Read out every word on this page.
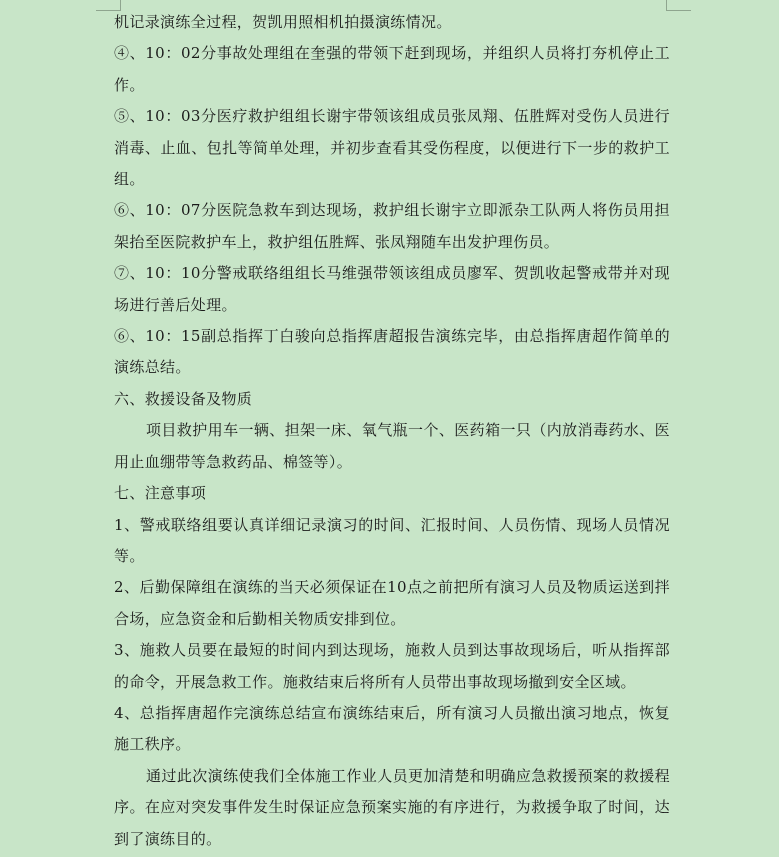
机记录演练全过程，贺凯用照相机拍摄演练情况。

④、10：02分事故处理组在奎强的带领下赶到现场，并组织人员将打夯机停止工作。

⑤、10：03分医疗救护组组长谢宇带领该组成员张凤翔、伍胜辉对受伤人员进行消毒、止血、包扎等简单处理，并初步查看其受伤程度，以便进行下一步的救护工组。

⑥、10：07分医院急救车到达现场，救护组长谢宇立即派杂工队两人将伤员用担架抬至医院救护车上，救护组伍胜辉、张凤翔随车出发护理伤员。

⑦、10：10分警戒联络组组长马维强带领该组成员廖军、贺凯收起警戒带并对现场进行善后处理。

⑥、10：15副总指挥丁白骏向总指挥唐超报告演练完毕，由总指挥唐超作简单的演练总结。

六、救援设备及物质

项目救护用车一辆、担架一床、氧气瓶一个、医药箱一只（内放消毒药水、医用止血绷带等急救药品、棉签等）。

七、注意事项

1、警戒联络组要认真详细记录演习的时间、汇报时间、人员伤情、现场人员情况等。

2、后勤保障组在演练的当天必须保证在10点之前把所有演习人员及物质运送到拌合场，应急资金和后勤相关物质安排到位。

3、施救人员要在最短的时间内到达现场，施救人员到达事故现场后，听从指挥部的命令，开展急救工作。施救结束后将所有人员带出事故现场撤到安全区域。

4、总指挥唐超作完演练总结宣布演练结束后，所有演习人员撤出演习地点，恢复施工秩序。

通过此次演练使我们全体施工作业人员更加清楚和明确应急救援预案的救援程序。在应对突发事件发生时保证应急预案实施的有序进行，为救援争取了时间，达到了演练目的。
